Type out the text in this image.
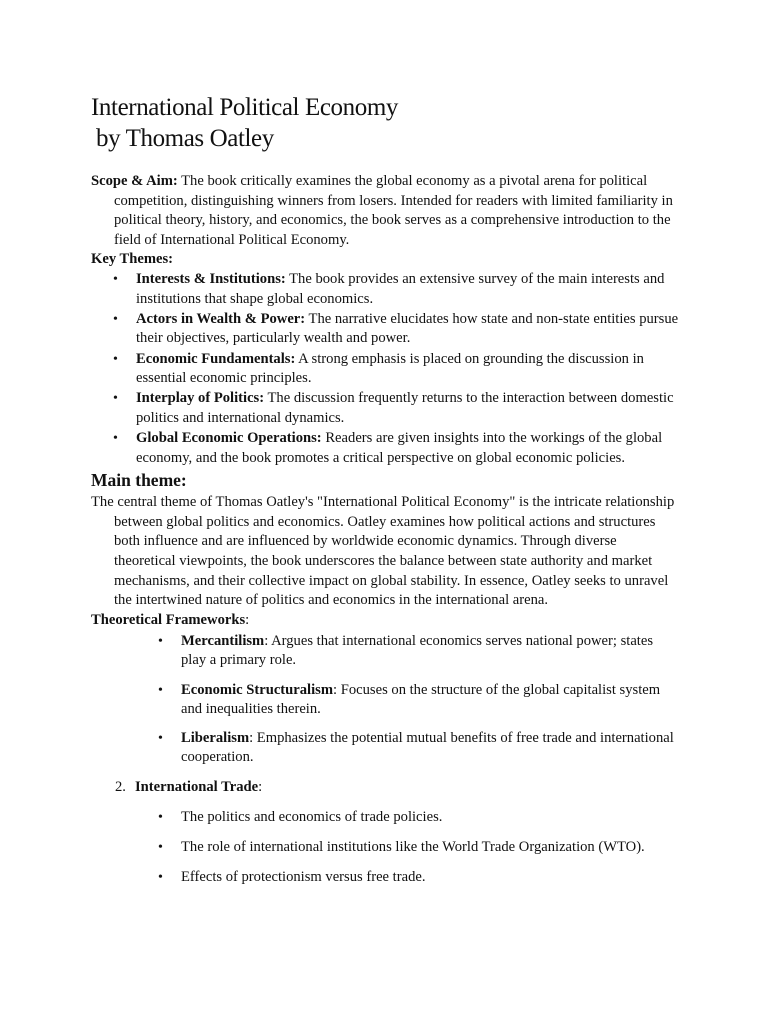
International Political Economy
by Thomas Oatley

Scope & Aim: The book critically examines the global economy as a pivotal arena for political competition, distinguishing winners from losers. Intended for readers with limited familiarity in political theory, history, and economics, the book serves as a comprehensive introduction to the field of International Political Economy.

Key Themes:

• Interests & Institutions: The book provides an extensive survey of the main interests and institutions that shape global economics.
• Actors in Wealth & Power: The narrative elucidates how state and non-state entities pursue their objectives, particularly wealth and power.
• Economic Fundamentals: A strong emphasis is placed on grounding the discussion in essential economic principles.
• Interplay of Politics: The discussion frequently returns to the interaction between domestic politics and international dynamics.
• Global Economic Operations: Readers are given insights into the workings of the global economy, and the book promotes a critical perspective on global economic policies.
Main theme:

The central theme of Thomas Oatley's "International Political Economy" is the intricate relationship between global politics and economics. Oatley examines how political actions and structures both influence and are influenced by worldwide economic dynamics. Through diverse theoretical viewpoints, the book underscores the balance between state authority and market mechanisms, and their collective impact on global stability. In essence, Oatley seeks to unravel the intertwined nature of politics and economics in the international arena.

Theoretical Frameworks:

• Mercantilism: Argues that international economics serves national power; states play a primary role.
• Economic Structuralism: Focuses on the structure of the global capitalist system and inequalities therein.
• Liberalism: Emphasizes the potential mutual benefits of free trade and international cooperation.

2. International Trade:

• The politics and economics of trade policies.
• The role of international institutions like the World Trade Organization (WTO).
• Effects of protectionism versus free trade.
